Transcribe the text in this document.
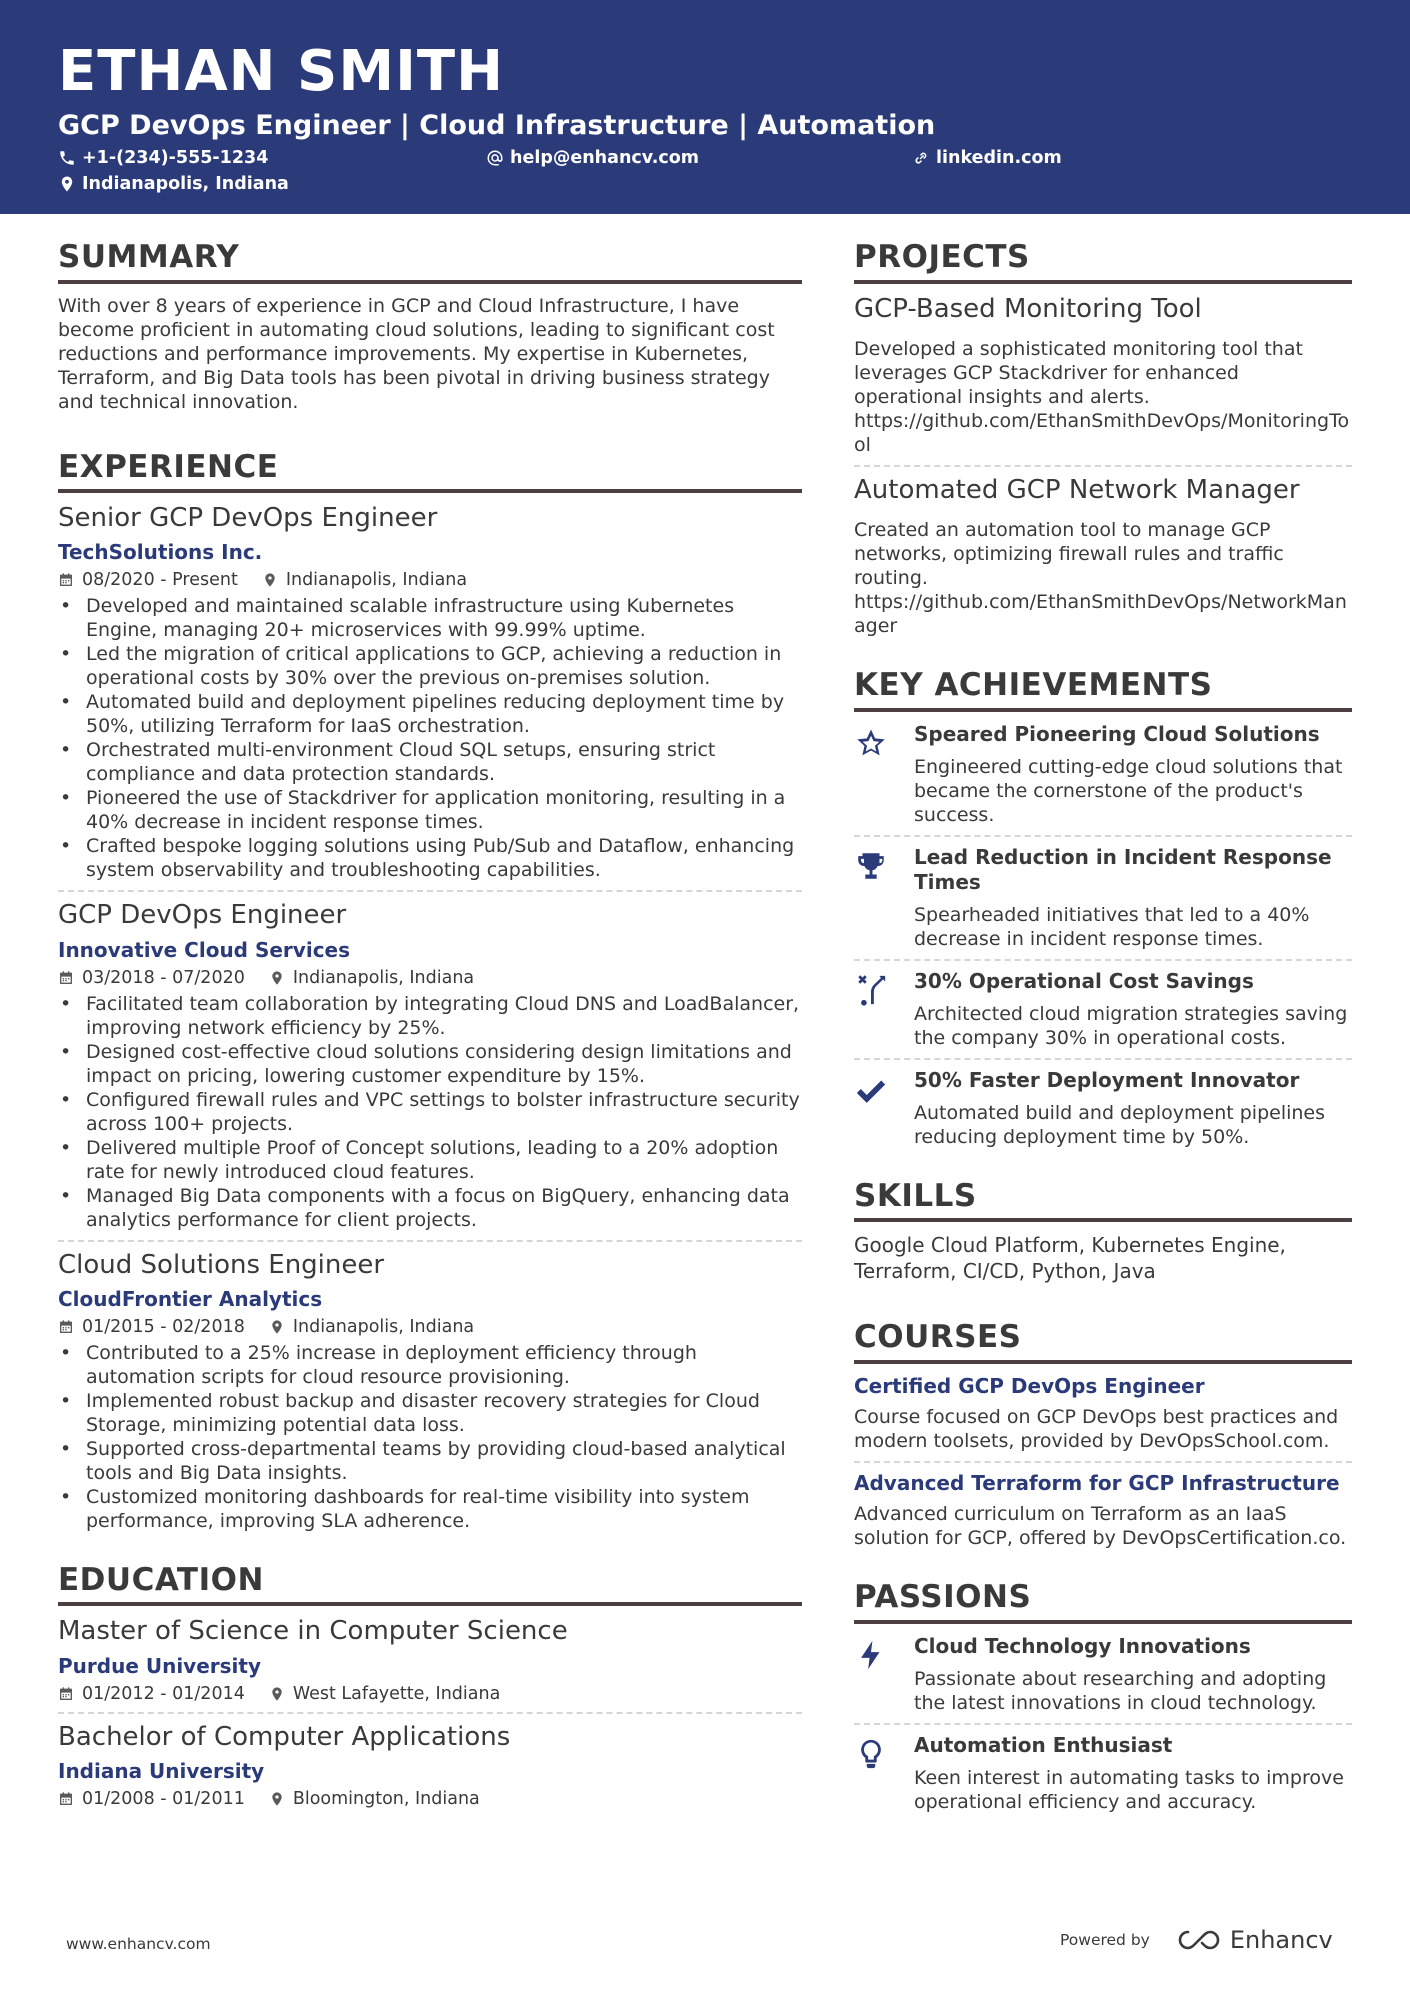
ETHAN SMITH
GCP DevOps Engineer | Cloud Infrastructure | Automation
+1-(234)-555-1234	help@enhancv.com	linkedin.com
Indianapolis, Indiana
SUMMARY
With over 8 years of experience in GCP and Cloud Infrastructure, I have become proficient in automating cloud solutions, leading to significant cost reductions and performance improvements. My expertise in Kubernetes, Terraform, and Big Data tools has been pivotal in driving business strategy and technical innovation.
EXPERIENCE
Senior GCP DevOps Engineer
TechSolutions Inc.
08/2020 - Present	Indianapolis, Indiana
• Developed and maintained scalable infrastructure using Kubernetes Engine, managing 20+ microservices with 99.99% uptime.
• Led the migration of critical applications to GCP, achieving a reduction in operational costs by 30% over the previous on-premises solution.
• Automated build and deployment pipelines reducing deployment time by 50%, utilizing Terraform for IaaS orchestration.
• Orchestrated multi-environment Cloud SQL setups, ensuring strict compliance and data protection standards.
• Pioneered the use of Stackdriver for application monitoring, resulting in a 40% decrease in incident response times.
• Crafted bespoke logging solutions using Pub/Sub and Dataflow, enhancing system observability and troubleshooting capabilities.
GCP DevOps Engineer
Innovative Cloud Services
03/2018 - 07/2020	Indianapolis, Indiana
• Facilitated team collaboration by integrating Cloud DNS and LoadBalancer, improving network efficiency by 25%.
• Designed cost-effective cloud solutions considering design limitations and impact on pricing, lowering customer expenditure by 15%.
• Configured firewall rules and VPC settings to bolster infrastructure security across 100+ projects.
• Delivered multiple Proof of Concept solutions, leading to a 20% adoption rate for newly introduced cloud features.
• Managed Big Data components with a focus on BigQuery, enhancing data analytics performance for client projects.
Cloud Solutions Engineer
CloudFrontier Analytics
01/2015 - 02/2018	Indianapolis, Indiana
• Contributed to a 25% increase in deployment efficiency through automation scripts for cloud resource provisioning.
• Implemented robust backup and disaster recovery strategies for Cloud Storage, minimizing potential data loss.
• Supported cross-departmental teams by providing cloud-based analytical tools and Big Data insights.
• Customized monitoring dashboards for real-time visibility into system performance, improving SLA adherence.
EDUCATION
Master of Science in Computer Science
Purdue University
01/2012 - 01/2014	West Lafayette, Indiana
Bachelor of Computer Applications
Indiana University
01/2008 - 01/2011	Bloomington, Indiana
PROJECTS
GCP-Based Monitoring Tool
Developed a sophisticated monitoring tool that leverages GCP Stackdriver for enhanced operational insights and alerts.
https://github.com/EthanSmithDevOps/MonitoringTool
Automated GCP Network Manager
Created an automation tool to manage GCP networks, optimizing firewall rules and traffic routing.
https://github.com/EthanSmithDevOps/NetworkManager
KEY ACHIEVEMENTS
Speared Pioneering Cloud Solutions
Engineered cutting-edge cloud solutions that became the cornerstone of the product's success.
Lead Reduction in Incident Response Times
Spearheaded initiatives that led to a 40% decrease in incident response times.
30% Operational Cost Savings
Architected cloud migration strategies saving the company 30% in operational costs.
50% Faster Deployment Innovator
Automated build and deployment pipelines reducing deployment time by 50%.
SKILLS
Google Cloud Platform, Kubernetes Engine, Terraform, CI/CD, Python, Java
COURSES
Certified GCP DevOps Engineer
Course focused on GCP DevOps best practices and modern toolsets, provided by DevOpsSchool.com.
Advanced Terraform for GCP Infrastructure
Advanced curriculum on Terraform as an IaaS solution for GCP, offered by DevOpsCertification.co.
PASSIONS
Cloud Technology Innovations
Passionate about researching and adopting the latest innovations in cloud technology.
Automation Enthusiast
Keen interest in automating tasks to improve operational efficiency and accuracy.
www.enhancv.com	Powered by	Enhancv
